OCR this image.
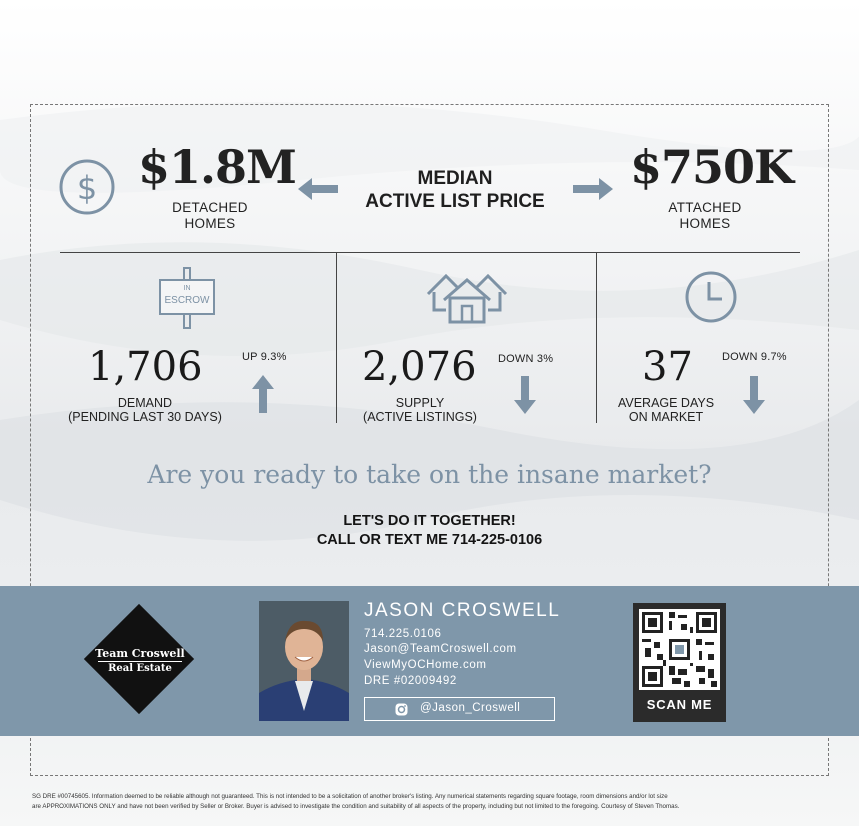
$ $1.8M
DETACHED
HOMES
MEDIAN
ACTIVE LIST PRICE
$750K
ATTACHED
HOMES
IN
ESCROW
1,706	UP 9.3%
DEMAND
(PENDING LAST 30 DAYS)
2,076 DOWN 3%
SUPPLY
(ACTIVE LISTINGS)
37	DOWN 9.7%
AVERAGE DAYS
ON MARKET
Are you ready to take on the insane market?
LET'S DO IT TOGETHER!
CALL OR TEXT ME 714-225-0106
Team Croswell
Real Estate
JASON CROSWELL
714.225.0106
Jason@TeamCroswell.com
ViewMyOCHome.com
DRE #02009492
@Jason_Croswell	SCAN ME
SG DRE #00745605. Information deemed to be reliable although not guaranteed. This is not intended to be a solicitation of another broker's listing. Any numerical statements regarding square footage, room dimensions and/or lot size
are APPROXIMATIONS ONLY and have not been verified by Seller or Broker. Buyer is advised to investigate the condition and suitability of all aspects of the property, including but not limited to the foregoing. Courtesy of Steven Thomas.
